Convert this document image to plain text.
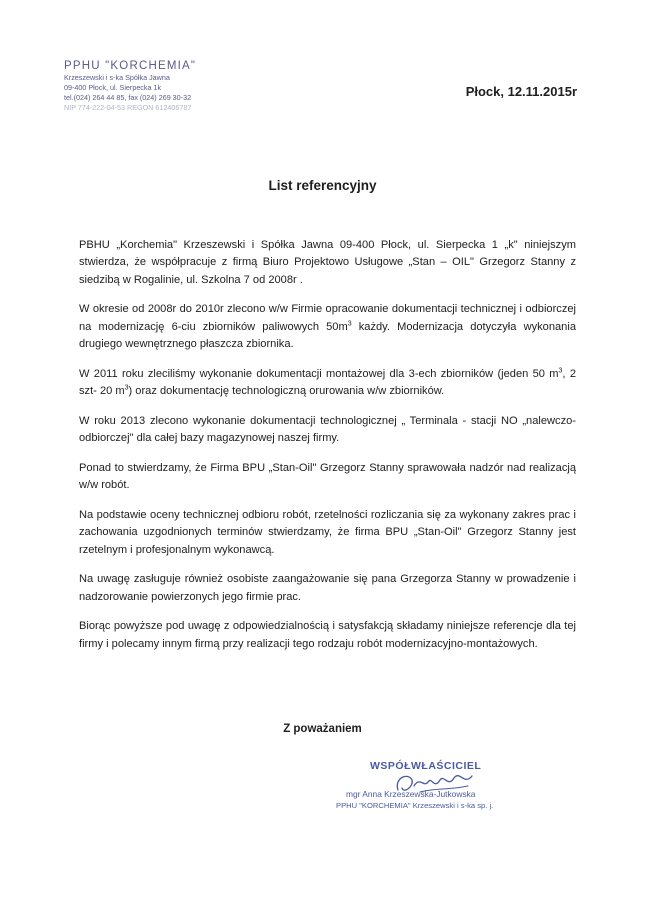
PPHU "KORCHEMIA"
Krzeszewski i s-ka Spółka Jawna
09-400 Płock, ul. Sierpecka 1k
tel.(024) 264 44 85, fax (024) 269 30-32
NIP 774-222-04-53 REGON 612406787
Płock, 12.11.2015r
List referencyjny

PBHU „Korchemia" Krzeszewski i Spółka Jawna 09-400 Płock, ul. Sierpecka 1 „k" niniejszym stwierdza, że współpracuje z firmą Biuro Projektowo Usługowe „Stan – OIL" Grzegorz Stanny z siedzibą w Rogalinie, ul. Szkolna 7 od 2008r .

W okresie od 2008r do 2010r zlecono w/w Firmie opracowanie dokumentacji technicznej i odbiorczej na modernizację 6-ciu zbiorników paliwowych $50m^3$ każdy. Modernizacja dotyczyła wykonania drugiego wewnętrznego płaszcza zbiornika.

W 2011 roku zleciliśmy wykonanie dokumentacji montażowej dla 3-ech zbiorników (jeden 50 $m^3$, 2 szt- 20 $m^3$) oraz dokumentację technologiczną orurowania w/w zbiorników.

W roku 2013 zlecono wykonanie dokumentacji technologicznej „ Terminala - stacji NO „nalewczo- odbiorczej" dla całej bazy magazynowej naszej firmy.

Ponad to stwierdzamy, że Firma BPU „Stan-Oil" Grzegorz Stanny sprawowała nadzór nad realizacją w/w robót.

Na podstawie oceny technicznej odbioru robót, rzetelności rozliczania się za wykonany zakres prac i zachowania uzgodnionych terminów stwierdzamy, że firma BPU „Stan-Oil" Grzegorz Stanny jest rzetelnym i profesjonalnym wykonawcą.

Na uwagę zasługuje również osobiste zaangażowanie się pana Grzegorza Stanny w prowadzenie i nadzorowanie powierzonych jego firmie prac.

Biorąc powyższe pod uwagę z odpowiedzialnością i satysfakcją składamy niniejsze referencje dla tej firmy i polecamy innym firmą przy realizacji tego rodzaju robót modernizacyjno-montażowych.

Z poważaniem
WSPÓŁWŁAŚCICIEL
mgr Anna Krzeszewska-Jutkowska
PPHU "KORCHEMIA" Krzeszewski i s-ka sp. j.
